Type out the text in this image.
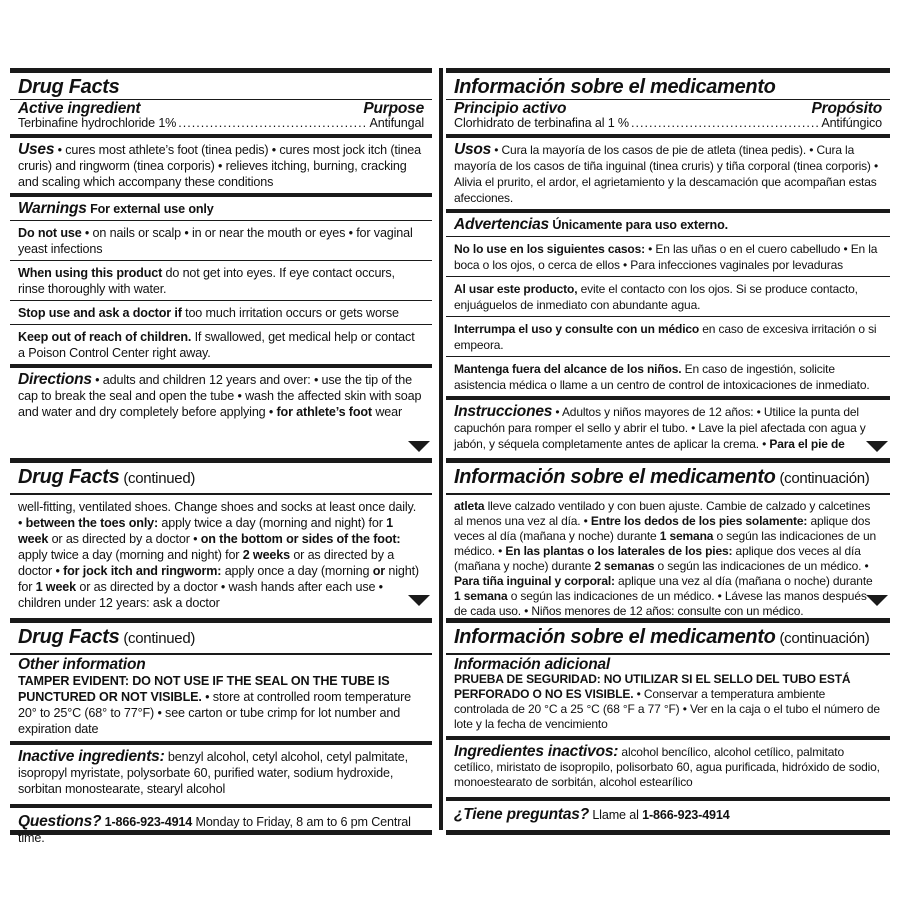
Drug Facts
Active ingredient	Purpose
Terbinafine hydrochloride 1% .....	Antifungal
Uses • cures most athlete’s foot (tinea pedis) • cures most jock itch (tinea cruris) and ringworm (tinea corporis) • relieves itching, burning, cracking and scaling which accompany these conditions
Warnings For external use only
Do not use • on nails or scalp • in or near the mouth or eyes • for vaginal yeast infections
When using this product do not get into eyes. If eye contact occurs, rinse thoroughly with water.
Stop use and ask a doctor if too much irritation occurs or gets worse
Keep out of reach of children. If swallowed, get medical help or contact a Poison Control Center right away.
Directions • adults and children 12 years and over: • use the tip of the cap to break the seal and open the tube • wash the affected skin with soap and water and dry completely before applying • for athlete’s foot wear
Drug Facts (continued)
well-fitting, ventilated shoes. Change shoes and socks at least once daily.
• between the toes only: apply twice a day (morning and night) for 1 week or as directed by a doctor • on the bottom or sides of the foot: apply twice a day (morning and night) for 2 weeks or as directed by a doctor • for jock itch and ringworm: apply once a day (morning or night) for 1 week or as directed by a doctor • wash hands after each use • children under 12 years: ask a doctor
Drug Facts (continued)
Other information
TAMPER EVIDENT: DO NOT USE IF THE SEAL ON THE TUBE IS PUNCTURED OR NOT VISIBLE. • store at controlled room temperature 20° to 25°C (68° to 77°F) • see carton or tube crimp for lot number and expiration date
Inactive ingredients: benzyl alcohol, cetyl alcohol, cetyl palmitate, isopropyl myristate, polysorbate 60, purified water, sodium hydroxide, sorbitan monostearate, stearyl alcohol
Questions? 1-866-923-4914 Monday to Friday, 8 am to 6 pm Central time.
Información sobre el medicamento
Principio activo	Propósito
Clorhidrato de terbinafina al 1 % .....	Antifúngico
Usos • Cura la mayoría de los casos de pie de atleta (tinea pedis). • Cura la mayoría de los casos de tiña inguinal (tinea cruris) y tiña corporal (tinea corporis) • Alivia el prurito, el ardor, el agrietamiento y la descamación que acompañan estas afecciones.
Advertencias Únicamente para uso externo.
No lo use en los siguientes casos: • En las uñas o en el cuero cabelludo • En la boca o los ojos, o cerca de ellos • Para infecciones vaginales por levaduras
Al usar este producto, evite el contacto con los ojos. Si se produce contacto, enjuáguelos de inmediato con abundante agua.
Interrumpa el uso y consulte con un médico en caso de excesiva irritación o si empeora.
Mantenga fuera del alcance de los niños. En caso de ingestión, solicite asistencia médica o llame a un centro de control de intoxicaciones de inmediato.
Instrucciones • Adultos y niños mayores de 12 años: • Utilice la punta del capuchón para romper el sello y abrir el tubo. • Lave la piel afectada con agua y jabón, y séquela completamente antes de aplicar la crema. • Para el pie de
Información sobre el medicamento (continuación)
atleta lleve calzado ventilado y con buen ajuste. Cambie de calzado y calcetines al menos una vez al día. • Entre los dedos de los pies solamente: aplique dos veces al día (mañana y noche) durante 1 semana o según las indicaciones de un médico. • En las plantas o los laterales de los pies: aplique dos veces al día (mañana y noche) durante 2 semanas o según las indicaciones de un médico. • Para tiña inguinal y corporal: aplique una vez al día (mañana o noche) durante 1 semana o según las indicaciones de un médico. • Lávese las manos después de cada uso. • Niños menores de 12 años: consulte con un médico.
Información sobre el medicamento (continuación)
Información adicional
PRUEBA DE SEGURIDAD: NO UTILIZAR SI EL SELLO DEL TUBO ESTÁ PERFORADO O NO ES VISIBLE. • Conservar a temperatura ambiente controlada de 20 °C a 25 °C (68 °F a 77 °F) • Ver en la caja o el tubo el número de lote y la fecha de vencimiento
Ingredientes inactivos: alcohol bencílico, alcohol cetílico, palmitato cetílico, miristato de isopropilo, polisorbato 60, agua purificada, hidróxido de sodio, monoestearato de sorbitán, alcohol estearílico
¿Tiene preguntas? Llame al 1-866-923-4914
